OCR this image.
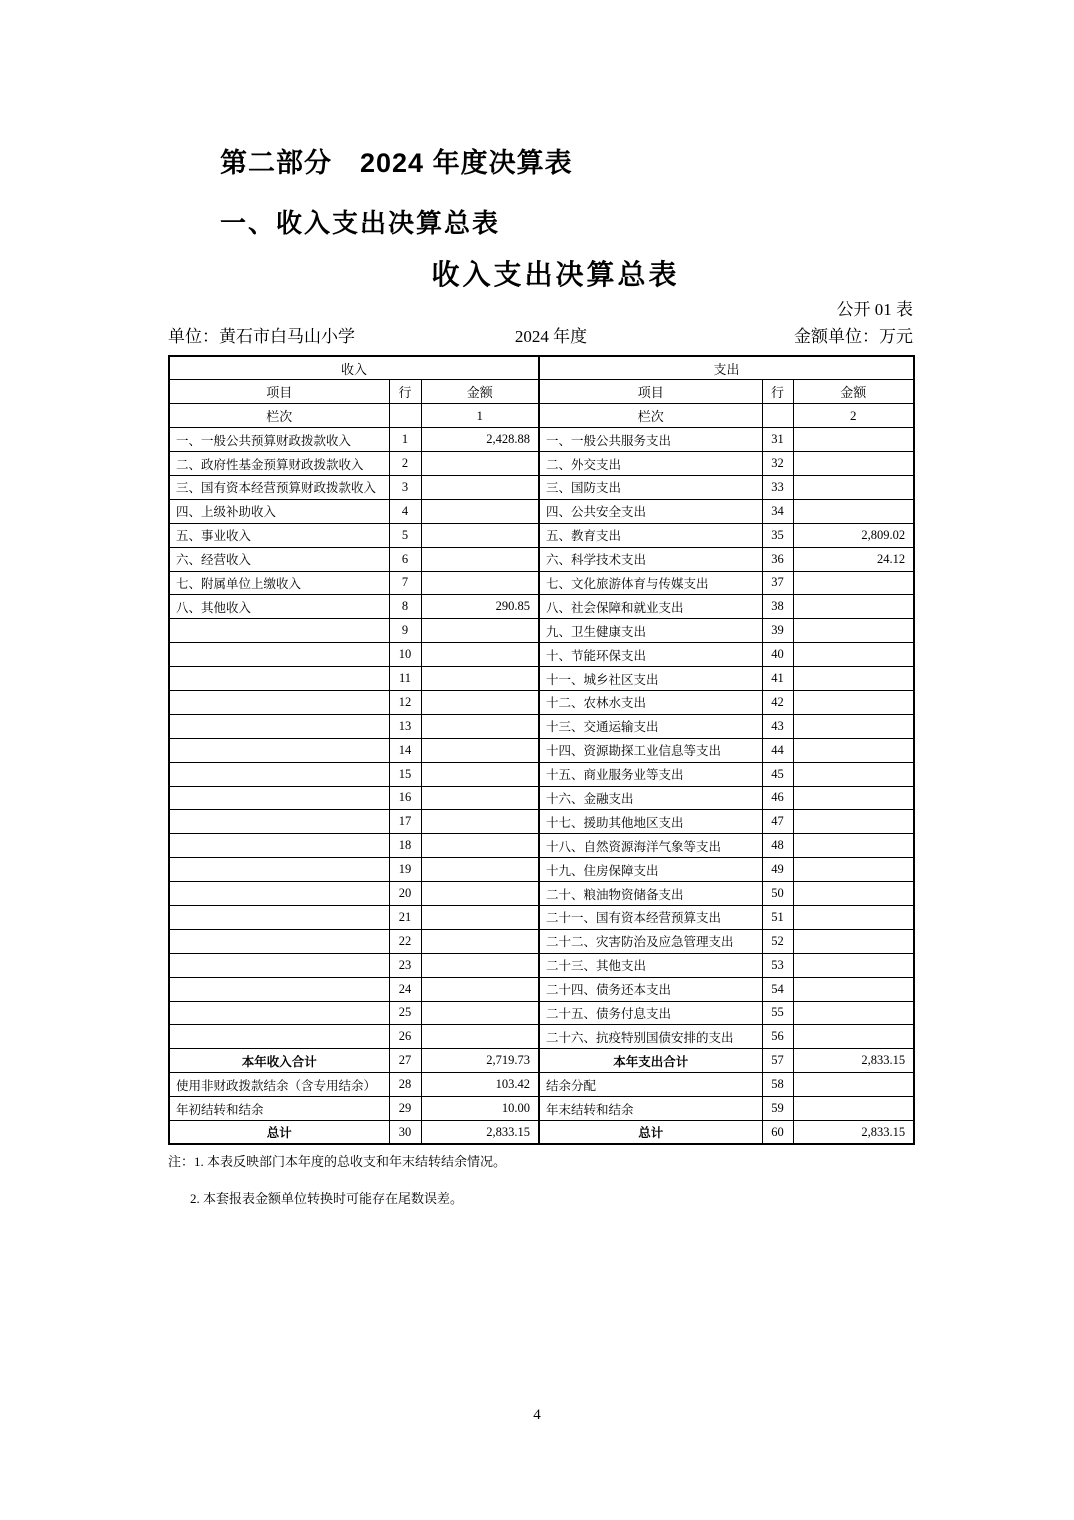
第二部分　2024 年度决算表
一、收入支出决算总表
收入支出决算总表
公开 01 表
单位：黄石市白马山小学	2024 年度	金额单位：万元
收入			支出		
项目	行	金额	项目	行	金额
栏次		1	栏次		2
一、一般公共预算财政拨款收入	1	2,428.88	一、一般公共服务支出	31	
二、政府性基金预算财政拨款收入	2		二、外交支出	32	
三、国有资本经营预算财政拨款收入	3		三、国防支出	33	
四、上级补助收入	4		四、公共安全支出	34	
五、事业收入	5		五、教育支出	35	2,809.02
六、经营收入	6		六、科学技术支出	36	24.12
七、附属单位上缴收入	7		七、文化旅游体育与传媒支出	37	
八、其他收入	8	290.85	八、社会保障和就业支出	38	
	9		九、卫生健康支出	39	
	10		十、节能环保支出	40	
	11		十一、城乡社区支出	41	
	12		十二、农林水支出	42	
	13		十三、交通运输支出	43	
	14		十四、资源勘探工业信息等支出	44	
	15		十五、商业服务业等支出	45	
	16		十六、金融支出	46	
	17		十七、援助其他地区支出	47	
	18		十八、自然资源海洋气象等支出	48	
	19		十九、住房保障支出	49	
	20		二十、粮油物资储备支出	50	
	21		二十一、国有资本经营预算支出	51	
	22		二十二、灾害防治及应急管理支出	52	
	23		二十三、其他支出	53	
	24		二十四、债务还本支出	54	
	25		二十五、债务付息支出	55	
	26		二十六、抗疫特别国债安排的支出	56	
本年收入合计	27	2,719.73	本年支出合计	57	2,833.15
使用非财政拨款结余（含专用结余）	28	103.42	结余分配	58	
年初结转和结余	29	10.00	年末结转和结余	59	
总计	30	2,833.15	总计	60	2,833.15
注：1. 本表反映部门本年度的总收支和年末结转结余情况。
2. 本套报表金额单位转换时可能存在尾数误差。
4
